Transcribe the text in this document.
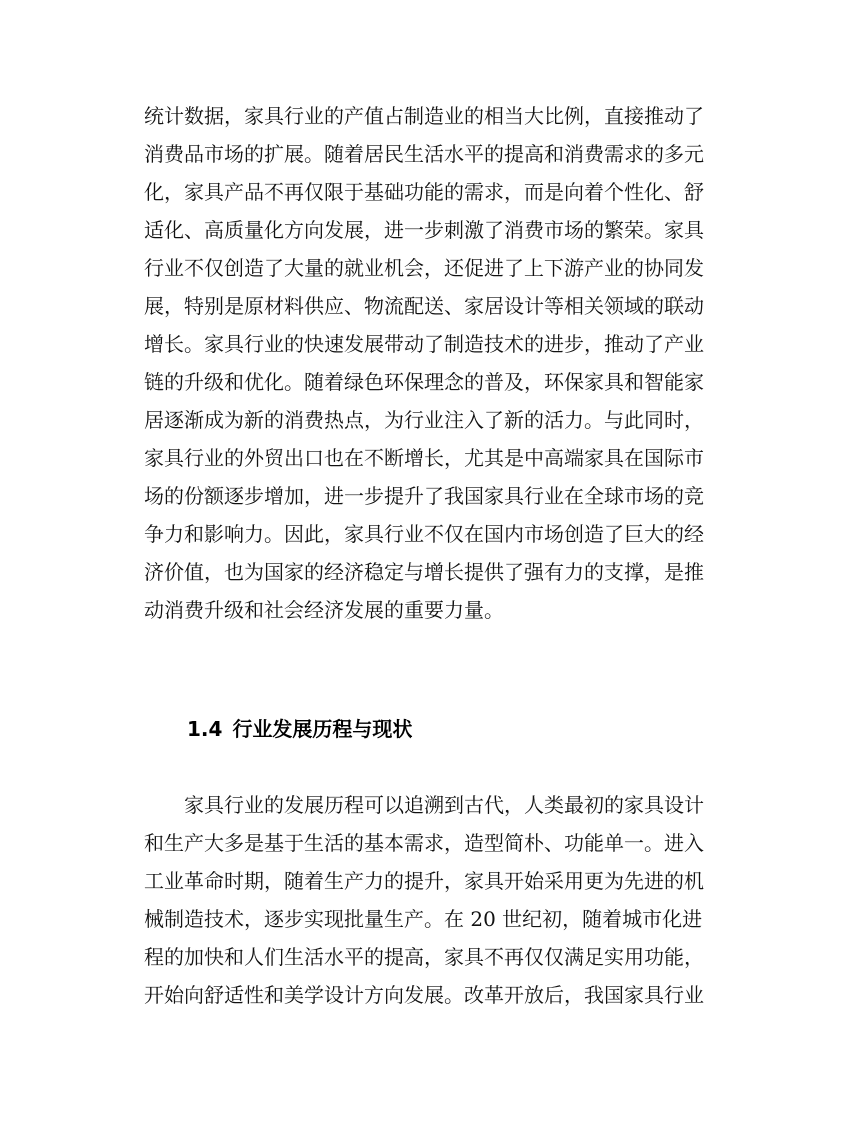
统计数据，家具行业的产值占制造业的相当大比例，直接推动了
消费品市场的扩展。随着居民生活水平的提高和消费需求的多元
化，家具产品不再仅限于基础功能的需求，而是向着个性化、舒
适化、高质量化方向发展，进一步刺激了消费市场的繁荣。家具
行业不仅创造了大量的就业机会，还促进了上下游产业的协同发
展，特别是原材料供应、物流配送、家居设计等相关领域的联动
增长。家具行业的快速发展带动了制造技术的进步，推动了产业
链的升级和优化。随着绿色环保理念的普及，环保家具和智能家
居逐渐成为新的消费热点，为行业注入了新的活力。与此同时，
家具行业的外贸出口也在不断增长，尤其是中高端家具在国际市
场的份额逐步增加，进一步提升了我国家具行业在全球市场的竞
争力和影响力。因此，家具行业不仅在国内市场创造了巨大的经
济价值，也为国家的经济稳定与增长提供了强有力的支撑，是推
动消费升级和社会经济发展的重要力量。
1.4 行业发展历程与现状
家具行业的发展历程可以追溯到古代，人类最初的家具设计
和生产大多是基于生活的基本需求，造型简朴、功能单一。进入
工业革命时期，随着生产力的提升，家具开始采用更为先进的机
械制造技术，逐步实现批量生产。在 20 世纪初，随着城市化进
程的加快和人们生活水平的提高，家具不再仅仅满足实用功能，
开始向舒适性和美学设计方向发展。改革开放后，我国家具行业
